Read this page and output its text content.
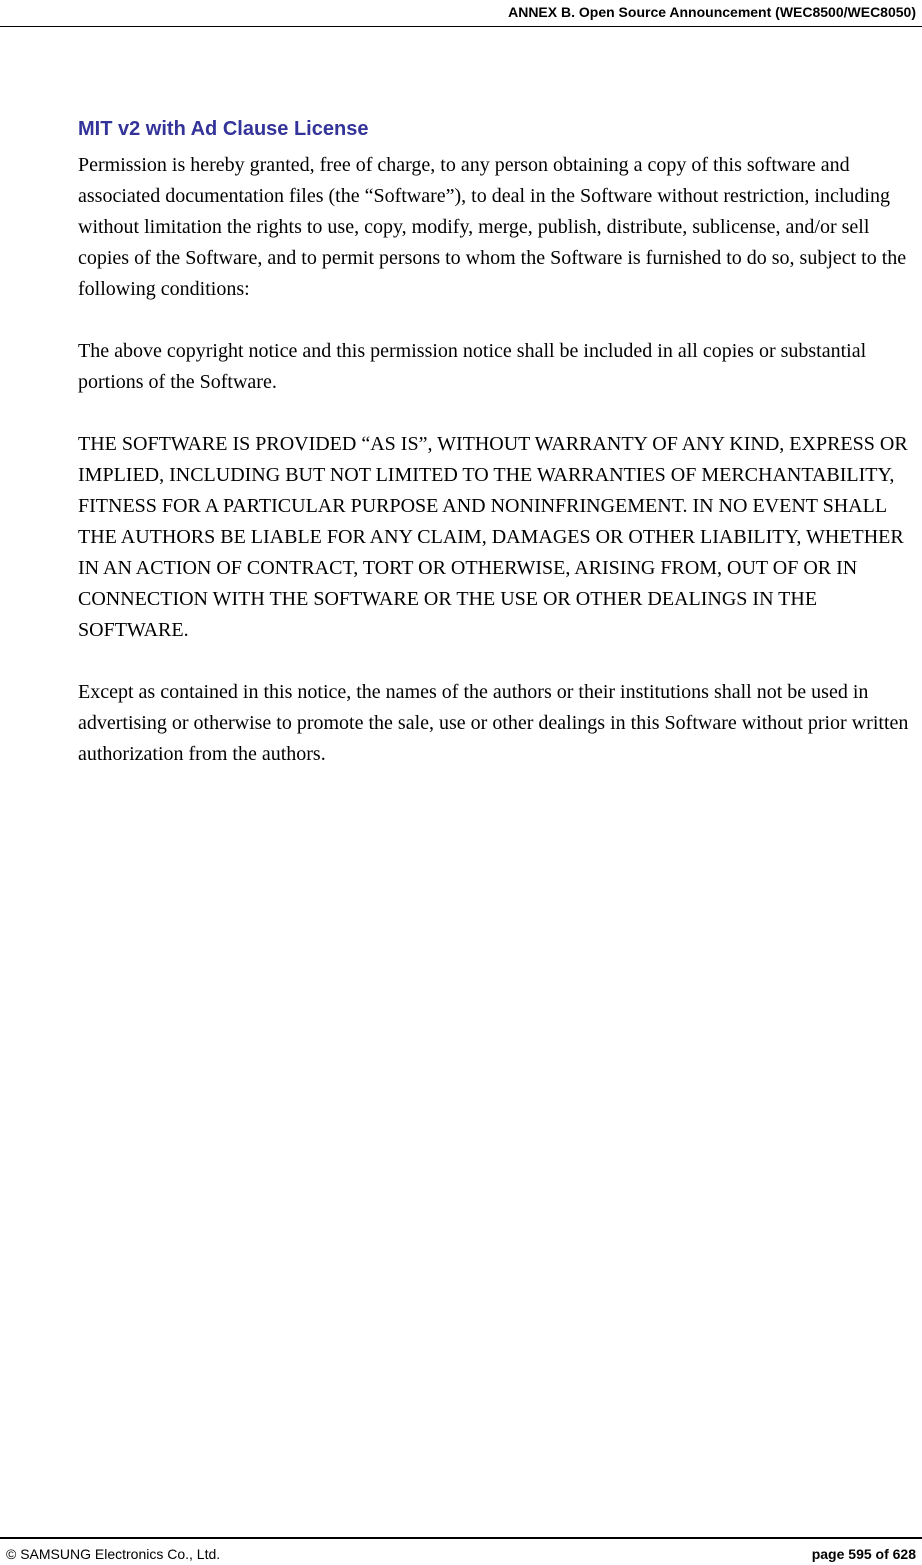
ANNEX B. Open Source Announcement (WEC8500/WEC8050)
MIT v2 with Ad Clause License

Permission is hereby granted, free of charge, to any person obtaining a copy of this software and associated documentation files (the “Software”), to deal in the Software without restriction, including without limitation the rights to use, copy, modify, merge, publish, distribute, sublicense, and/or sell copies of the Software, and to permit persons to whom the Software is furnished to do so, subject to the following conditions:

The above copyright notice and this permission notice shall be included in all copies or substantial portions of the Software.

THE SOFTWARE IS PROVIDED “AS IS”, WITHOUT WARRANTY OF ANY KIND, EXPRESS OR IMPLIED, INCLUDING BUT NOT LIMITED TO THE WARRANTIES OF MERCHANTABILITY, FITNESS FOR A PARTICULAR PURPOSE AND NONINFRINGEMENT. IN NO EVENT SHALL THE AUTHORS BE LIABLE FOR ANY CLAIM, DAMAGES OR OTHER LIABILITY, WHETHER IN AN ACTION OF CONTRACT, TORT OR OTHERWISE, ARISING FROM, OUT OF OR IN CONNECTION WITH THE SOFTWARE OR THE USE OR OTHER DEALINGS IN THE SOFTWARE.

Except as contained in this notice, the names of the authors or their institutions shall not be used in advertising or otherwise to promote the sale, use or other dealings in this Software without prior written authorization from the authors.

© SAMSUNG Electronics Co., Ltd.	page 595 of 628
